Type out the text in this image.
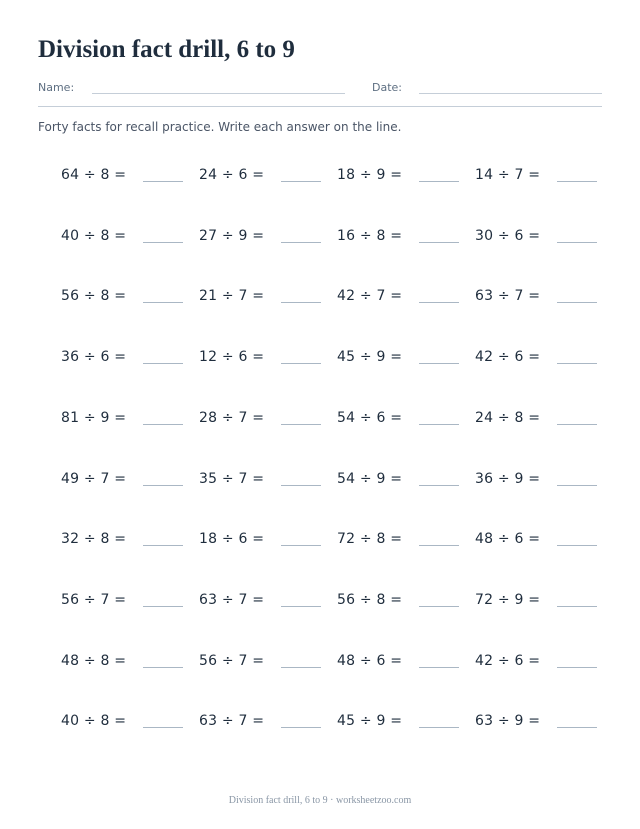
Division fact drill, 6 to 9
Name:	Date:

Forty facts for recall practice. Write each answer on the line.

64 ÷ 8 =	24 ÷ 6 =	18 ÷ 9 =	14 ÷ 7 =
40 ÷ 8 =	27 ÷ 9 =	16 ÷ 8 =	30 ÷ 6 =
56 ÷ 8 =	21 ÷ 7 =	42 ÷ 7 =	63 ÷ 7 =
36 ÷ 6 =	12 ÷ 6 =	45 ÷ 9 =	42 ÷ 6 =
81 ÷ 9 =	28 ÷ 7 =	54 ÷ 6 =	24 ÷ 8 =
49 ÷ 7 =	35 ÷ 7 =	54 ÷ 9 =	36 ÷ 9 =
32 ÷ 8 =	18 ÷ 6 =	72 ÷ 8 =	48 ÷ 6 =
56 ÷ 7 =	63 ÷ 7 =	56 ÷ 8 =	72 ÷ 9 =
48 ÷ 8 =	56 ÷ 7 =	48 ÷ 6 =	42 ÷ 6 =
40 ÷ 8 =	63 ÷ 7 =	45 ÷ 9 =	63 ÷ 9 =
Division fact drill, 6 to 9 · worksheetzoo.com
